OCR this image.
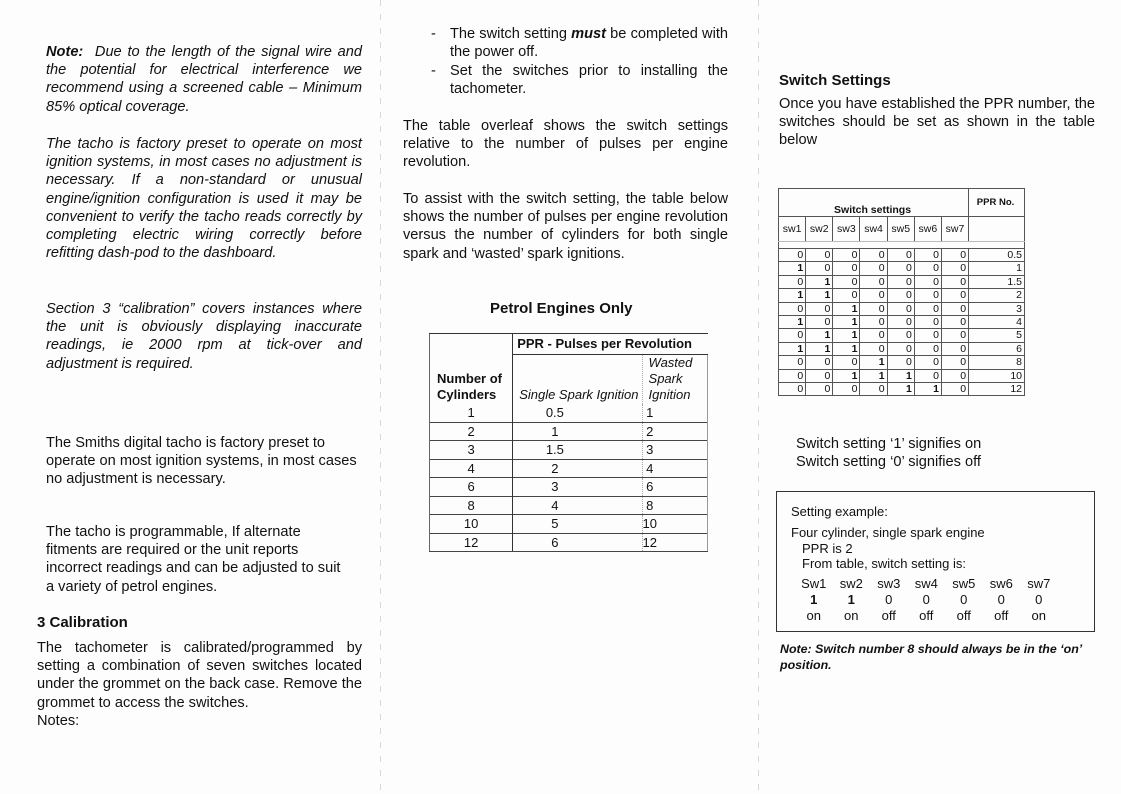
Note: Due to the length of the signal wire and the potential for electrical interference we recommend using a screened cable – Minimum 85% optical coverage.

The tacho is factory preset to operate on most ignition systems, in most cases no adjustment is necessary. If a non-standard or unusual engine/ignition configuration is used it may be convenient to verify the tacho reads correctly by completing electric wiring correctly before refitting dash-pod to the dashboard.

Section 3 “calibration” covers instances where the unit is obviously displaying inaccurate readings, ie 2000 rpm at tick-over and adjustment is required.

The Smiths digital tacho is factory preset to operate on most ignition systems, in most cases no adjustment is necessary.

The tacho is programmable, If alternate fitments are required or the unit reports incorrect readings and can be adjusted to suit a variety of petrol engines.

3 Calibration

The tachometer is calibrated/programmed by setting a combination of seven switches located under the grommet on the back case. Remove the grommet to access the switches.

Notes:

- The switch setting must be completed with the power off.

- Set the switches prior to installing the tachometer.

The table overleaf shows the switch settings relative to the number of pulses per engine revolution.

To assist with the switch setting, the table below shows the number of pulses per engine revolution versus the number of cylinders for both single spark and ‘wasted’ spark ignitions.

Petrol Engines Only
	PPR - Pulses per Revolution	
Number of Cylinders	Single Spark Ignition	Wasted Spark Ignition
1	0.5	1
2	1	2
3	1.5	3
4	2	4
6	3	6
8	4	8
10	5	10
12	6	12

Switch Settings

Once you have established the PPR number, the switches should be set as shown in the table below

Switch settings							PPR No.
sw1	sw2	sw3	sw4	sw5	sw6	sw7	

0	0	0	0	0	0	0	0.5
1	0	0	0	0	0	0	1
0	1	0	0	0	0	0	1.5
1	1	0	0	0	0	0	2
0	0	1	0	0	0	0	3
1	0	1	0	0	0	0	4
0	1	1	0	0	0	0	5
1	1	1	0	0	0	0	6
0	0	0	1	0	0	0	8
0	0	1	1	1	0	0	10
0	0	0	0	1	1	0	12
Switch setting ‘1’ signifies on
Switch setting ‘0’ signifies off
Setting example:
Four cylinder, single spark engine
PPR is 2
From table, switch setting is:
Sw1	sw2	sw3	sw4	sw5	sw6	sw7
1	1	0	0	0	0	0
on	on	off	off	off	off	on
Note: Switch number 8 should always be in the ‘on’ position.
